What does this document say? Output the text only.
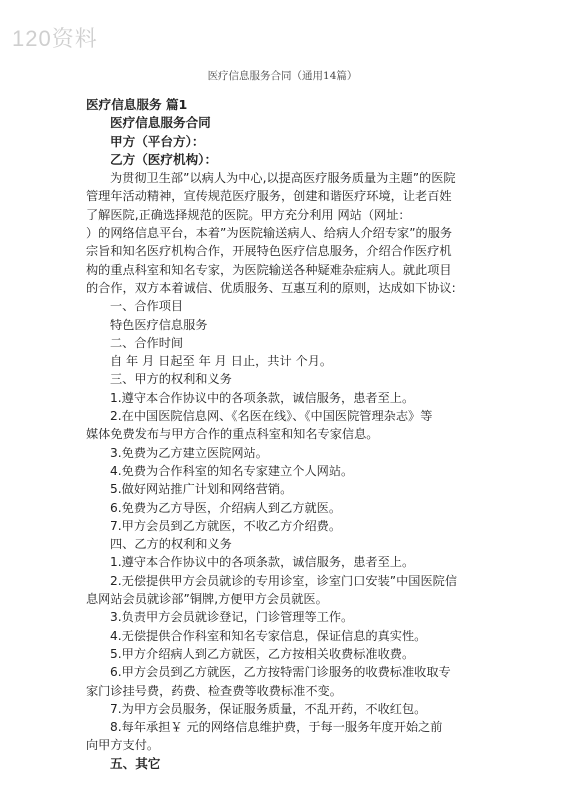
120资料
医疗信息服务合同（通用14篇）
医疗信息服务 篇1
医疗信息服务合同
甲方（平台方）：
乙方（医疗机构）：
为贯彻卫生部”以病人为中心,以提高医疗服务质量为主题”的医院
管理年活动精神，宣传规范医疗服务，创建和谐医疗环境，让老百姓
了解医院,正确选择规范的医院。甲方充分利用 网站（网址：
）的网络信息平台，本着”为医院输送病人、给病人介绍专家”的服务
宗旨和知名医疗机构合作，开展特色医疗信息服务，介绍合作医疗机
构的重点科室和知名专家，为医院输送各种疑难杂症病人。就此项目
的合作，双方本着诚信、优质服务、互惠互利的原则，达成如下协议:
一、合作项目
特色医疗信息服务
二、合作时间
自 年 月 日起至 年 月 日止，共计 个月。
三、甲方的权利和义务
1.遵守本合作协议中的各项条款，诚信服务，患者至上。
2.在中国医院信息网、《名医在线》、《中国医院管理杂志》等
媒体免费发布与甲方合作的重点科室和知名专家信息。
3.免费为乙方建立医院网站。
4.免费为合作科室的知名专家建立个人网站。
5.做好网站推广计划和网络营销。
6.免费为乙方导医，介绍病人到乙方就医。
7.甲方会员到乙方就医，不收乙方介绍费。
四、乙方的权利和义务
1.遵守本合作协议中的各项条款，诚信服务，患者至上。
2.无偿提供甲方会员就诊的专用诊室，诊室门口安装”中国医院信
息网站会员就诊部”铜牌,方便甲方会员就医。
3.负责甲方会员就诊登记，门诊管理等工作。
4.无偿提供合作科室和知名专家信息，保证信息的真实性。
5.甲方介绍病人到乙方就医，乙方按相关收费标准收费。
6.甲方会员到乙方就医，乙方按特需门诊服务的收费标准收取专
家门诊挂号费，药费、检查费等收费标准不变。
7.为甲方会员服务，保证服务质量，不乱开药，不收红包。
8.每年承担￥ 元的网络信息维护费，于每一服务年度开始之前
向甲方支付。
五、其它
